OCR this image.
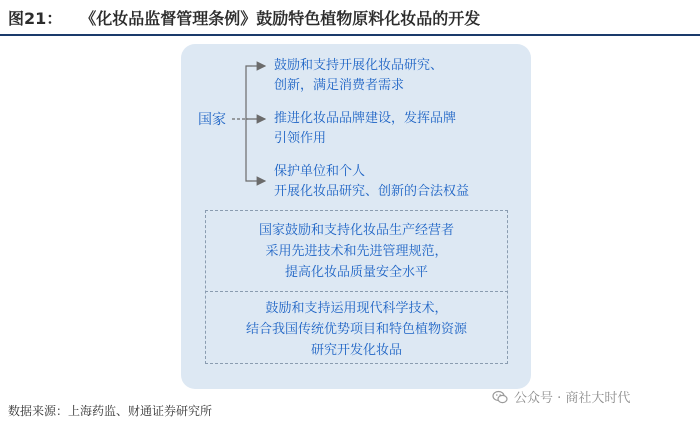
图21： 《化妆品监督管理条例》鼓励特色植物原料化妆品的开发
国家
鼓励和支持开展化妆品研究、
创新，满足消费者需求
推进化妆品品牌建设，发挥品牌
引领作用
保护单位和个人
开展化妆品研究、创新的合法权益
国家鼓励和支持化妆品生产经营者
采用先进技术和先进管理规范，
提高化妆品质量安全水平
鼓励和支持运用现代科学技术，
结合我国传统优势项目和特色植物资源
研究开发化妆品
数据来源：上海药监、财通证券研究所
公众号 · 商社大时代
